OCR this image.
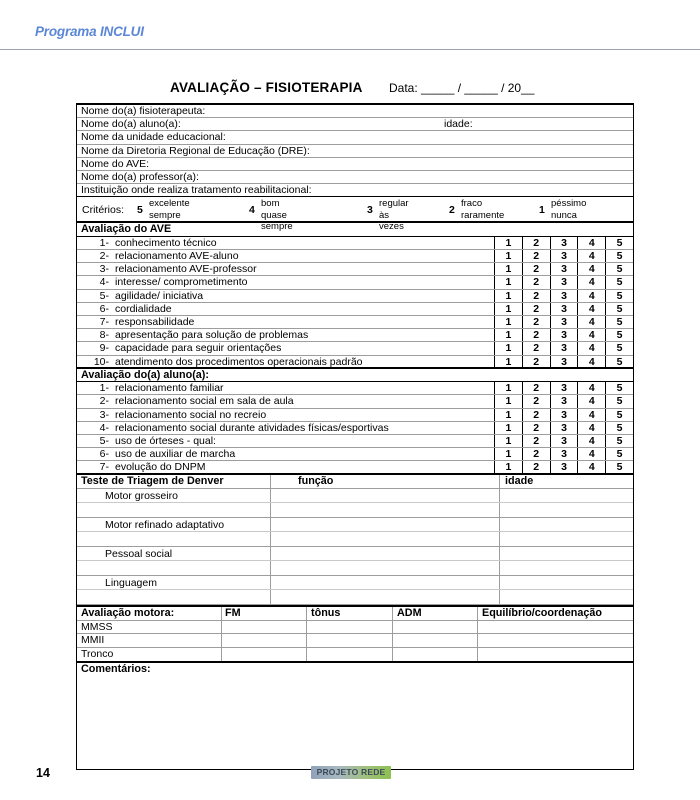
Programa INCLUI
AVALIAÇÃO – FISIOTERAPIA Data: _____ / _____ / 20__
Nome do(a) fisioterapeuta:
Nome do(a) aluno(a):	idade:
Nome da unidade educacional:
Nome da Diretoria Regional de Educação (DRE):
Nome do AVE:
Nome do(a) professor(a):
Instituição onde realiza tratamento reabilitacional:
Critérios: 5
excelente
sempre	4
bom
quase sempre
3
regular
às vezes
2
fraco
raramente	1
péssimo
nunca
Avaliação do AVE
1- conhecimento técnico	1	2	3	4	5
2- relacionamento AVE-aluno	1	2	3	4	5
3- relacionamento AVE-professor	1	2	3	4	5
4- interesse/ comprometimento	1	2	3	4	5
5- agilidade/ iniciativa	1	2	3	4	5
6- cordialidade	1	2	3	4	5
7- responsabilidade	1	2	3	4	5
8- apresentação para solução de problemas	1	2	3	4	5
9- capacidade para seguir orientações	1	2	3	4	5
10- atendimento dos procedimentos operacionais padrão	1	2	3	4	5
Avaliação do(a) aluno(a):
1- relacionamento familiar	1	2	3	4	5
2- relacionamento social em sala de aula	1	2	3	4	5
3- relacionamento social no recreio	1	2	3	4	5
4- relacionamento social durante atividades físicas/esportivas	1	2	3	4	5
5- uso de órteses - qual:	1	2	3	4	5
6- uso de auxiliar de marcha	1	2	3	4	5
7- evolução do DNPM	1	2	3	4	5
Teste de Triagem de Denver	função	idade
Motor grosseiro
Motor refinado adaptativo
Pessoal social
Linguagem
Avaliação motora:	FM	tônus	ADM	Equilíbrio/coordenação
MMSS
MMII
Tronco
Comentários:
14	PROJETO REDE
